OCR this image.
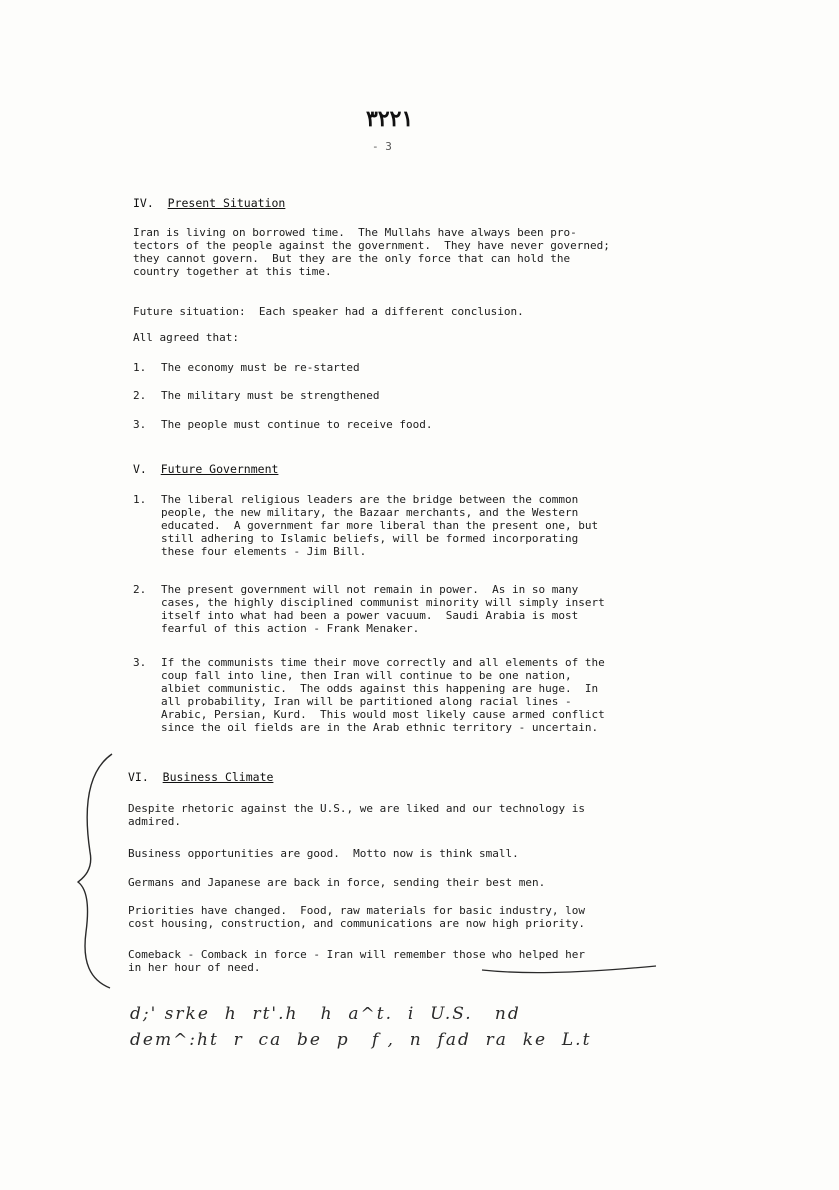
٣٢٢١
- 3
IV. Present Situation
Iran is living on borrowed time.  The Mullahs have always been pro-
tectors of the people against the government.  They have never governed;
they cannot govern.  But they are the only force that can hold the
country together at this time.
Future situation:  Each speaker had a different conclusion.
All agreed that:
1. The economy must be re-started
2. The military must be strengthened
3. The people must continue to receive food.
V. Future Government
1. The liberal religious leaders are the bridge between the common
people, the new military, the Bazaar merchants, and the Western
educated.  A government far more liberal than the present one, but
still adhering to Islamic beliefs, will be formed incorporating
these four elements - Jim Bill.
2. The present government will not remain in power.  As in so many
cases, the highly disciplined communist minority will simply insert
itself into what had been a power vacuum.  Saudi Arabia is most
fearful of this action - Frank Menaker.
3. If the communists time their move correctly and all elements of the
coup fall into line, then Iran will continue to be one nation,
albiet communistic.  The odds against this happening are huge.  In
all probability, Iran will be partitioned along racial lines -
Arabic, Persian, Kurd.  This would most likely cause armed conflict
since the oil fields are in the Arab ethnic territory - uncertain.
VI. Business Climate
Despite rhetoric against the U.S., we are liked and our technology is
admired.
Business opportunities are good.  Motto now is think small.
Germans and Japanese are back in force, sending their best men.
Priorities have changed.  Food, raw materials for basic industry, low
cost housing, construction, and communications are now high priority.
Comeback - Comback in force - Iran will remember those who helped her
in her hour of need.
d;' srke  h  rt'.h   h  a^t.  i  U.S.   nd
dem^:ht  r  ca  be  p   f ,  n  fad  ra  ke  L.t
